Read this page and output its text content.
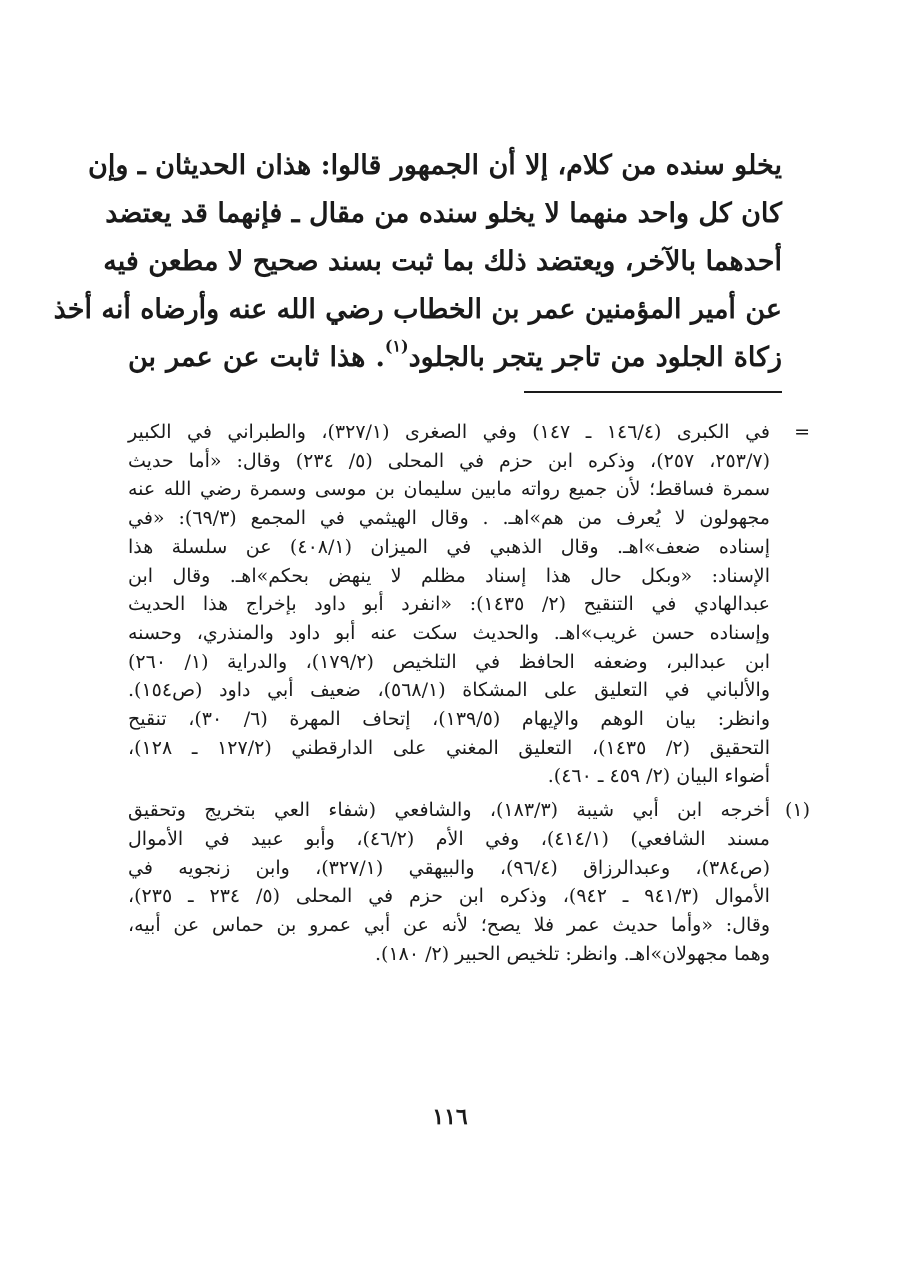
يخلو سنده من كلام، إلا أن الجمهور قالوا: هذان الحديثان ـ وإن

كان كل واحد منهما لا يخلو سنده من مقال ـ فإنهما قد يعتضد

أحدهما بالآخر، ويعتضد ذلك بما ثبت بسند صحيح لا مطعن فيه

عن أمير المؤمنين عمر بن الخطاب رضي الله عنه وأرضاه أنه أخذ

زكاة الجلود من تاجر يتجر بالجلود$^{(١)}$. هذا ثابت عن عمر بن

=

في الكبرى (١٤٦/٤ ـ ١٤٧) وفي الصغرى (٣٢٧/١)، والطبراني في الكبير

(٢٥٣/٧، ٢٥٧)، وذكره ابن حزم في المحلى (٥/ ٢٣٤) وقال: «أما حديث

سمرة فساقط؛ لأن جميع رواته مابين سليمان بن موسى وسمرة رضي الله عنه

مجهولون لا يُعرف من هم»اهـ. . وقال الهيثمي في المجمع (٦٩/٣): «في

إسناده ضعف»اهـ. وقال الذهبي في الميزان (٤٠٨/١) عن سلسلة هذا

الإسناد: «وبكل حال هذا إسناد مظلم لا ينهض بحكم»اهـ. وقال ابن

عبدالهادي في التنقيح (٢/ ١٤٣٥): «انفرد أبو داود بإخراج هذا الحديث

وإسناده حسن غريب»اهـ. والحديث سكت عنه أبو داود والمنذري، وحسنه

ابن عبدالبر، وضعفه الحافظ في التلخيص (١٧٩/٢)، والدراية (١/ ٢٦٠)

والألباني في التعليق على المشكاة (٥٦٨/١)، ضعيف أبي داود (ص١٥٤).

وانظر: بيان الوهم والإيهام (١٣٩/٥)، إتحاف المهرة (٦/ ٣٠)، تنقيح

التحقيق (٢/ ١٤٣٥)، التعليق المغني على الدارقطني (١٢٧/٢ ـ ١٢٨)،

أضواء البيان (٢/ ٤٥٩ ـ ٤٦٠).

(١)

أخرجه ابن أبي شيبة (١٨٣/٣)، والشافعي (شفاء العي بتخريج وتحقيق

مسند الشافعي) (٤١٤/١)، وفي الأم (٤٦/٢)، وأبو عبيد في الأموال

(ص٣٨٤)، وعبدالرزاق (٩٦/٤)، والبيهقي (٣٢٧/١)، وابن زنجويه في

الأموال (٩٤١/٣ ـ ٩٤٢)، وذكره ابن حزم في المحلى (٥/ ٢٣٤ ـ ٢٣٥)،

وقال: «وأما حديث عمر فلا يصح؛ لأنه عن أبي عمرو بن حماس عن أبيه،

وهما مجهولان»اهـ. وانظر: تلخيص الحبير (٢/ ١٨٠).

١١٦
